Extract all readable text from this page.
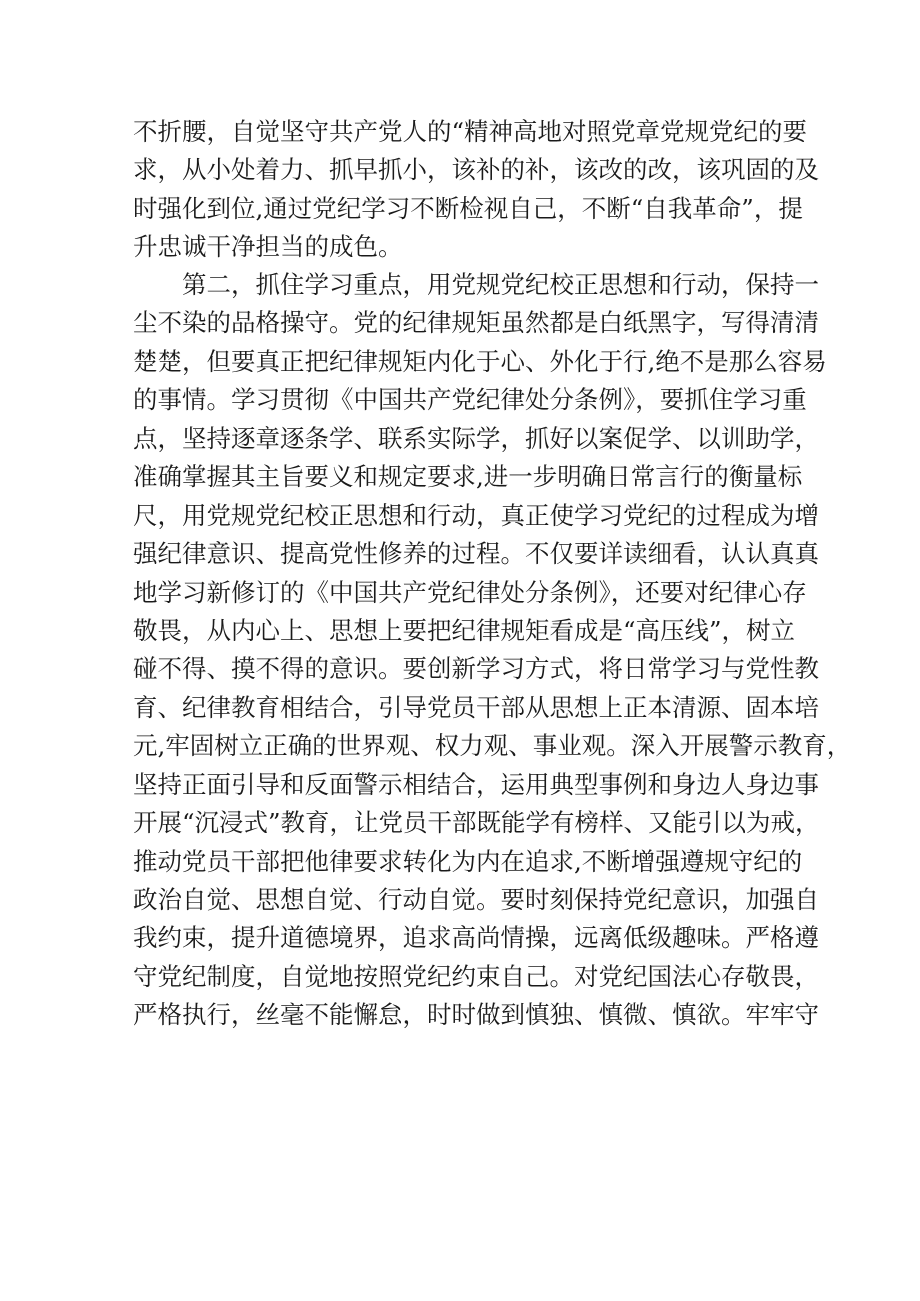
不折腰，自觉坚守共产党人的“精神高地对照党章党规党纪的要
求，从小处着力、抓早抓小，该补的补，该改的改，该巩固的及
时强化到位,通过党纪学习不断检视自己，不断“自我革命”，提
升忠诚干净担当的成色。
第二，抓住学习重点，用党规党纪校正思想和行动，保持一
尘不染的品格操守。党的纪律规矩虽然都是白纸黑字，写得清清
楚楚，但要真正把纪律规矩内化于心、外化于行,绝不是那么容易
的事情。学习贯彻《中国共产党纪律处分条例》，要抓住学习重
点，坚持逐章逐条学、联系实际学，抓好以案促学、以训助学，
准确掌握其主旨要义和规定要求,进一步明确日常言行的衡量标
尺，用党规党纪校正思想和行动，真正使学习党纪的过程成为增
强纪律意识、提高党性修养的过程。不仅要详读细看，认认真真
地学习新修订的《中国共产党纪律处分条例》，还要对纪律心存
敬畏，从内心上、思想上要把纪律规矩看成是“高压线”，树立
碰不得、摸不得的意识。要创新学习方式，将日常学习与党性教
育、纪律教育相结合，引导党员干部从思想上正本清源、固本培
元,牢固树立正确的世界观、权力观、事业观。深入开展警示教育，
坚持正面引导和反面警示相结合，运用典型事例和身边人身边事
开展“沉浸式”教育，让党员干部既能学有榜样、又能引以为戒，
推动党员干部把他律要求转化为内在追求,不断增强遵规守纪的
政治自觉、思想自觉、行动自觉。要时刻保持党纪意识，加强自
我约束，提升道德境界，追求高尚情操，远离低级趣味。严格遵
守党纪制度，自觉地按照党纪约束自己。对党纪国法心存敬畏，
严格执行，丝毫不能懈怠，时时做到慎独、慎微、慎欲。牢牢守
